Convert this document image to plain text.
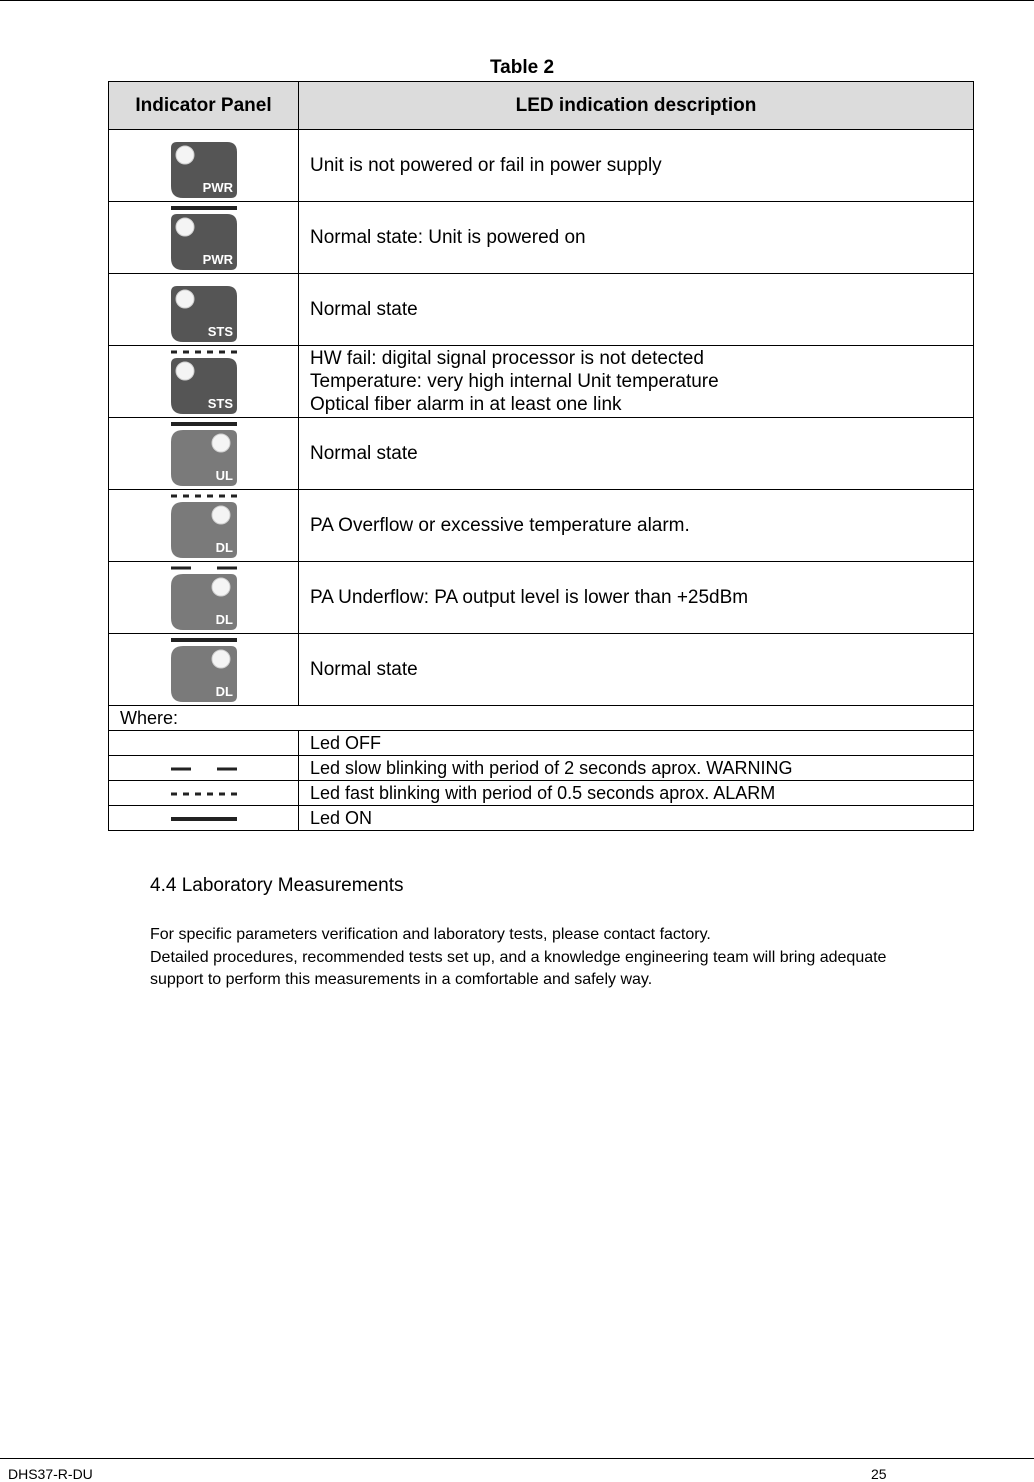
Table 2
Indicator Panel	LED indication description

PWR	Unit is not powered or fail in power supply

PWR	Normal state: Unit is powered on

STS	Normal state

STS	HW fail: digital signal processor is not detected
Temperature: very high internal Unit temperature
Optical fiber alarm in at least one link

UL	Normal state

DL	PA Overflow or excessive temperature alarm.

DL	PA Underflow: PA output level is lower than +25dBm

DL	Normal state

Where:	

	Led OFF

	Led slow blinking with period of 2 seconds aprox. WARNING

	Led fast blinking with period of 0.5 seconds aprox. ALARM

	Led ON
4.4 Laboratory Measurements
For specific parameters verification and laboratory tests, please contact factory.
Detailed procedures, recommended tests set up, and a knowledge engineering team will bring adequate
support to perform this measurements in a comfortable and safely way.
DHS37-R-DU	25
